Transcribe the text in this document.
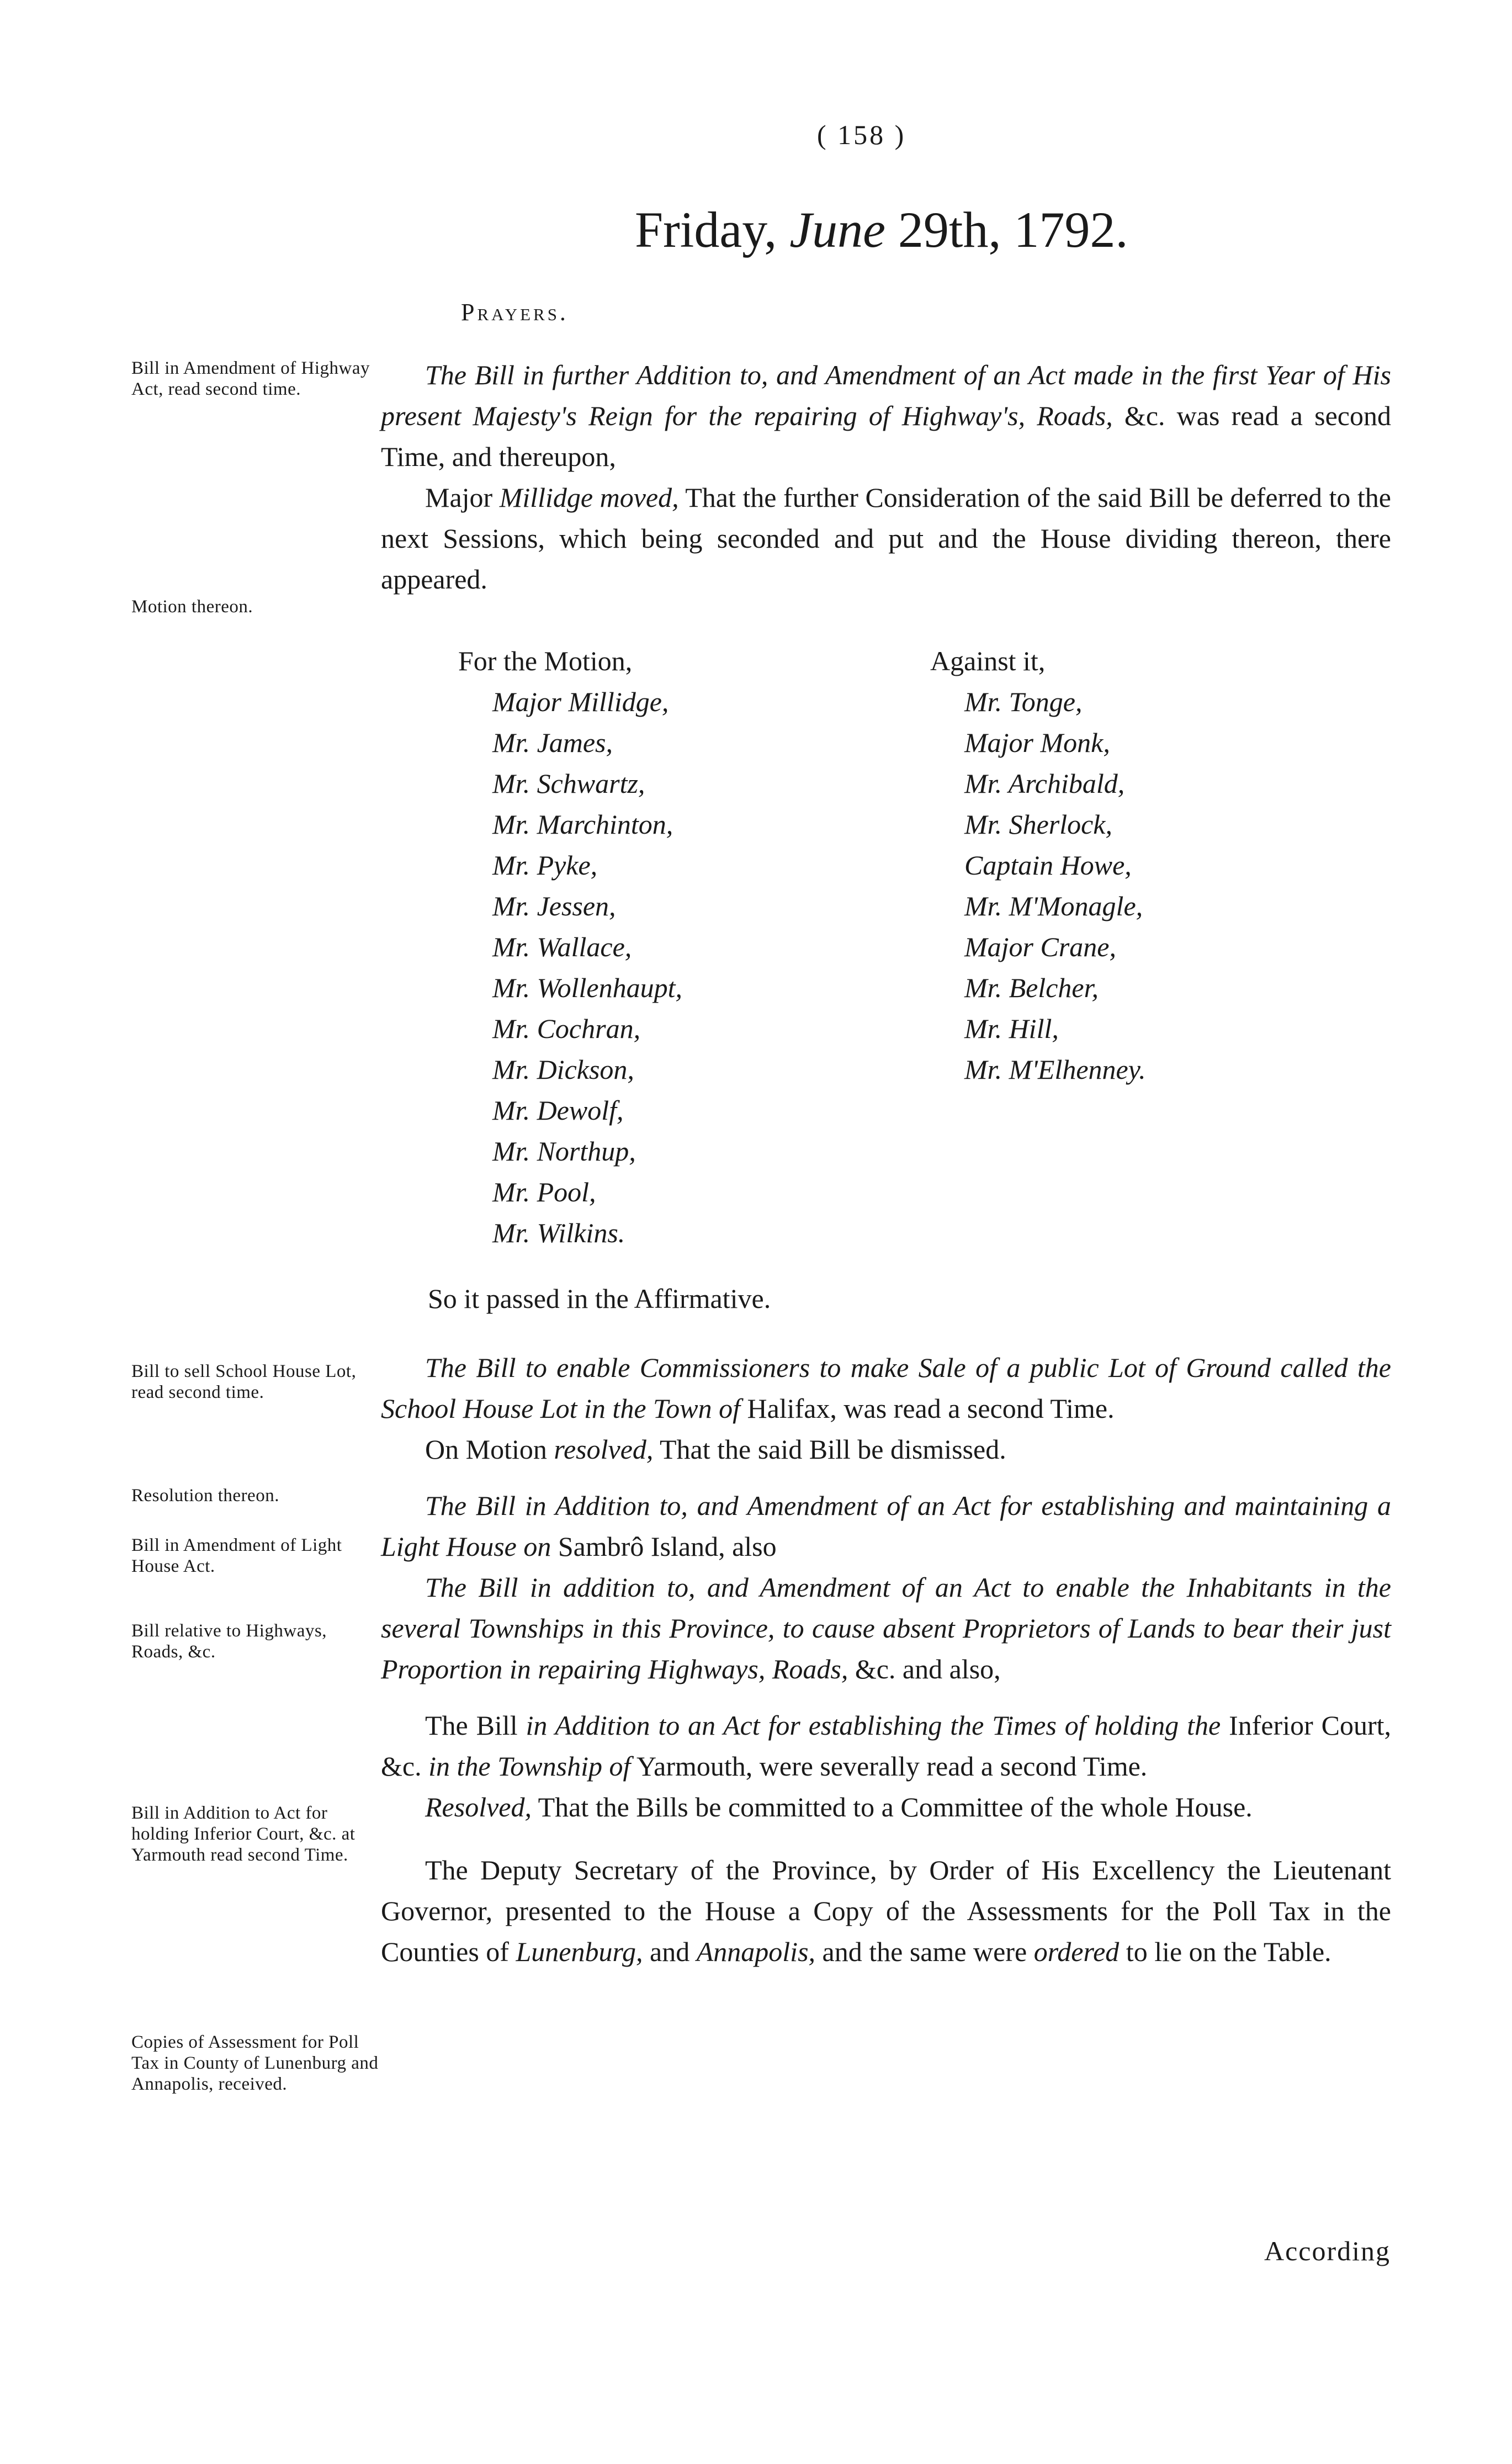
( 158 )
Friday, June 29th, 1792.
Prayers.
Bill in Amendment of Highway Act, read second time.
Motion thereon.
Bill to sell School House Lot, read second time.
Resolution thereon.
Bill in Amendment of Light House Act.
Bill relative to Highways, Roads, &c.
Bill in Addition to Act for holding Inferior Court, &c. at Yarmouth read second Time.
Copies of Assessment for Poll Tax in County of Lunenburg and Annapolis, received.

The Bill in further Addition to, and Amendment of an Act made in the first Year of His present Majesty's Reign for the repairing of Highway's, Roads, &c. was read a second Time, and thereupon,

Major Millidge moved, That the further Consideration of the said Bill be deferred to the next Sessions, which being seconded and put and the House dividing thereon, there appeared.

For the Motion,

Major Millidge,

Mr. James,

Mr. Schwartz,

Mr. Marchinton,

Mr. Pyke,

Mr. Jessen,

Mr. Wallace,

Mr. Wollenhaupt,

Mr. Cochran,

Mr. Dickson,

Mr. Dewolf,

Mr. Northup,

Mr. Pool,

Mr. Wilkins.

Against it,

Mr. Tonge,

Major Monk,

Mr. Archibald,

Mr. Sherlock,

Captain Howe,

Mr. M'Monagle,

Major Crane,

Mr. Belcher,

Mr. Hill,

Mr. M'Elhenney.

So it passed in the Affirmative.

The Bill to enable Commissioners to make Sale of a public Lot of Ground called the School House Lot in the Town of Halifax, was read a second Time.

On Motion resolved, That the said Bill be dismissed.

The Bill in Addition to, and Amendment of an Act for establishing and maintaining a Light House on Sambrô Island, also

The Bill in addition to, and Amendment of an Act to enable the Inhabitants in the several Townships in this Province, to cause absent Proprietors of Lands to bear their just Proportion in repairing Highways, Roads, &c. and also,

The Bill in Addition to an Act for establishing the Times of holding the Inferior Court, &c. in the Township of Yarmouth, were severally read a second Time.

Resolved, That the Bills be committed to a Committee of the whole House.

The Deputy Secretary of the Province, by Order of His Excellency the Lieutenant Governor, presented to the House a Copy of the Assessments for the Poll Tax in the Counties of Lunenburg, and Annapolis, and the same were ordered to lie on the Table.

According
